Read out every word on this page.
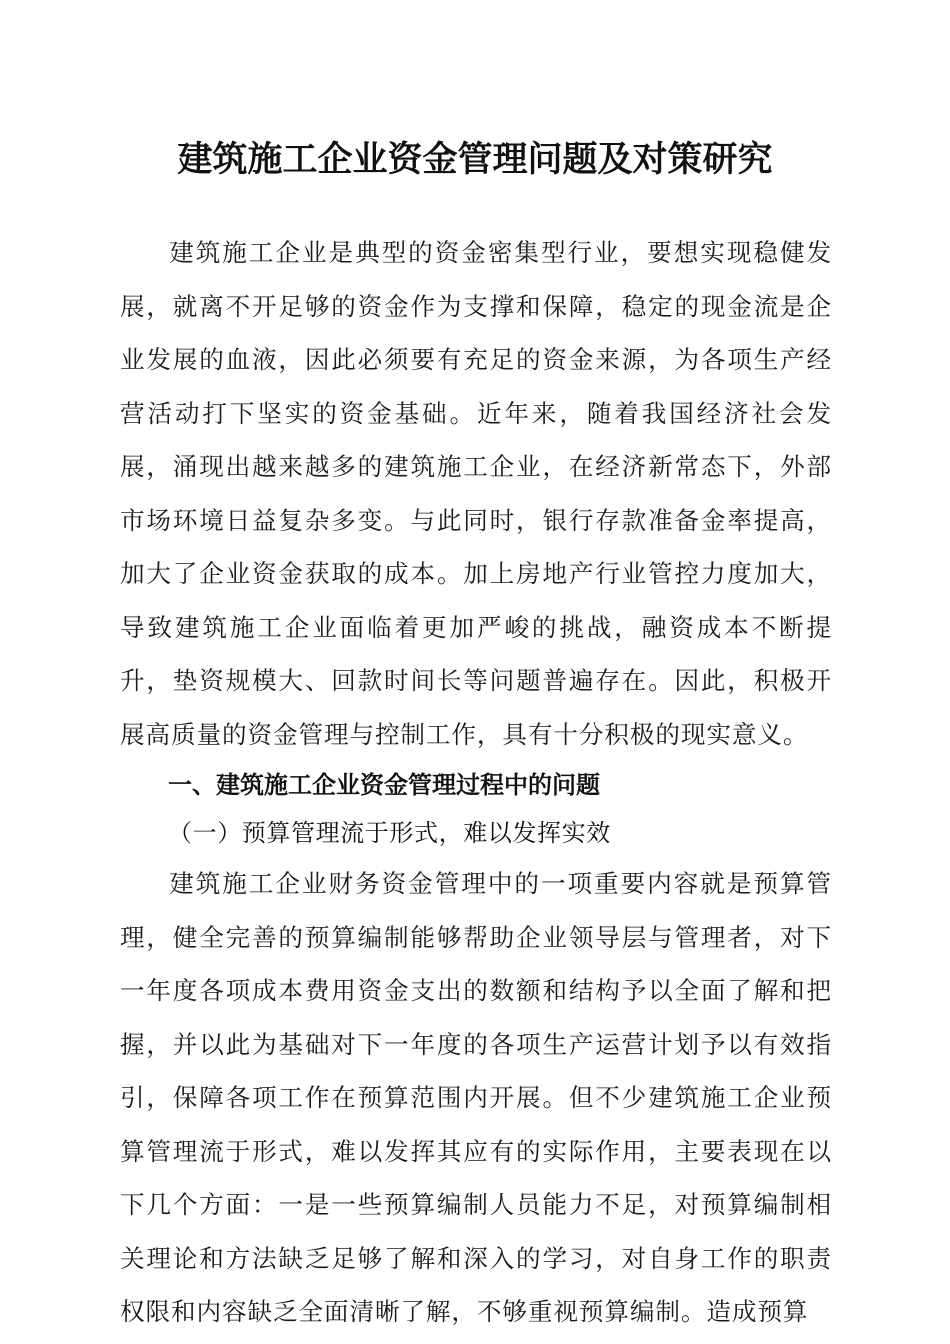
建筑施工企业资金管理问题及对策研究

建筑施工企业是典型的资金密集型行业，要想实现稳健发展，就离不开足够的资金作为支撑和保障，稳定的现金流是企业发展的血液，因此必须要有充足的资金来源，为各项生产经营活动打下坚实的资金基础。近年来，随着我国经济社会发展，涌现出越来越多的建筑施工企业，在经济新常态下，外部市场环境日益复杂多变。与此同时，银行存款准备金率提高，加大了企业资金获取的成本。加上房地产行业管控力度加大，导致建筑施工企业面临着更加严峻的挑战，融资成本不断提升，垫资规模大、回款时间长等问题普遍存在。因此，积极开展高质量的资金管理与控制工作，具有十分积极的现实意义。

一、建筑施工企业资金管理过程中的问题

（一）预算管理流于形式，难以发挥实效

建筑施工企业财务资金管理中的一项重要内容就是预算管理，健全完善的预算编制能够帮助企业领导层与管理者，对下一年度各项成本费用资金支出的数额和结构予以全面了解和把握，并以此为基础对下一年度的各项生产运营计划予以有效指引，保障各项工作在预算范围内开展。但不少建筑施工企业预算管理流于形式，难以发挥其应有的实际作用，主要表现在以下几个方面：一是一些预算编制人员能力不足，对预算编制相关理论和方法缺乏足够了解和深入的学习，对自身工作的职责权限和内容缺乏全面清晰了解，不够重视预算编制。造成预算
